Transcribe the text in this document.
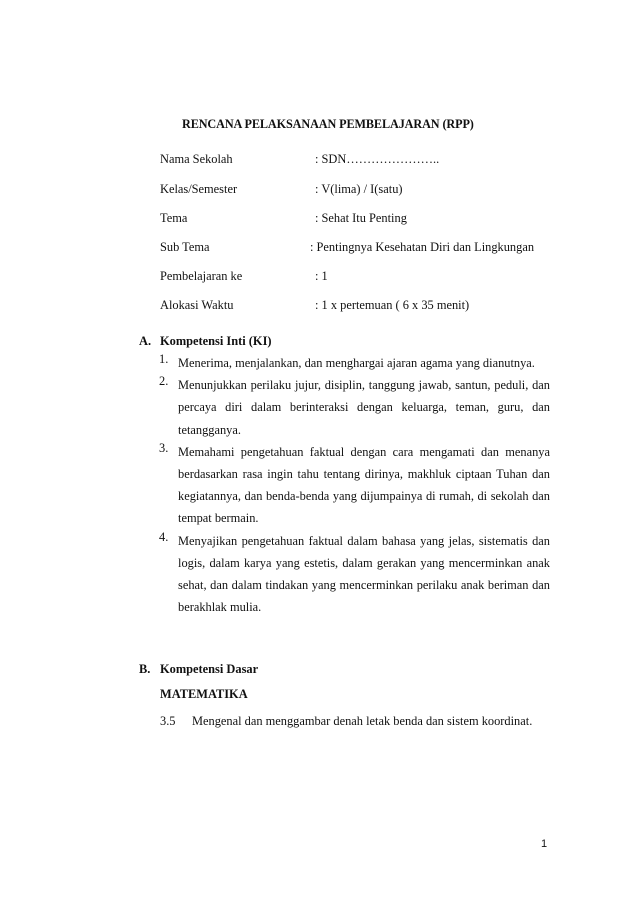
RENCANA PELAKSANAAN PEMBELAJARAN (RPP)
Nama Sekolah	: SDN…………………..
Kelas/Semester	: V(lima) / I(satu)
Tema	: Sehat Itu Penting
Sub Tema	: Pentingnya Kesehatan Diri dan Lingkungan
Pembelajaran ke	: 1
Alokasi Waktu	: 1 x pertemuan ( 6 x 35 menit)
A. Kompetensi Inti (KI)
1. Menerima, menjalankan, dan menghargai ajaran agama yang dianutnya.
2. Menunjukkan perilaku jujur, disiplin, tanggung jawab, santun, peduli, dan percaya diri dalam berinteraksi dengan keluarga, teman, guru, dan tetangganya.
3. Memahami pengetahuan faktual dengan cara mengamati dan menanya berdasarkan rasa ingin tahu tentang dirinya, makhluk ciptaan Tuhan dan kegiatannya, dan benda-benda yang dijumpainya di rumah, di sekolah dan tempat bermain.
4. Menyajikan pengetahuan faktual dalam bahasa yang jelas, sistematis dan logis, dalam karya yang estetis, dalam gerakan yang mencerminkan anak sehat, dan dalam tindakan yang mencerminkan perilaku anak beriman dan berakhlak mulia.
B. Kompetensi Dasar
MATEMATIKA
3.5 Mengenal dan menggambar denah letak benda dan sistem koordinat.
1
